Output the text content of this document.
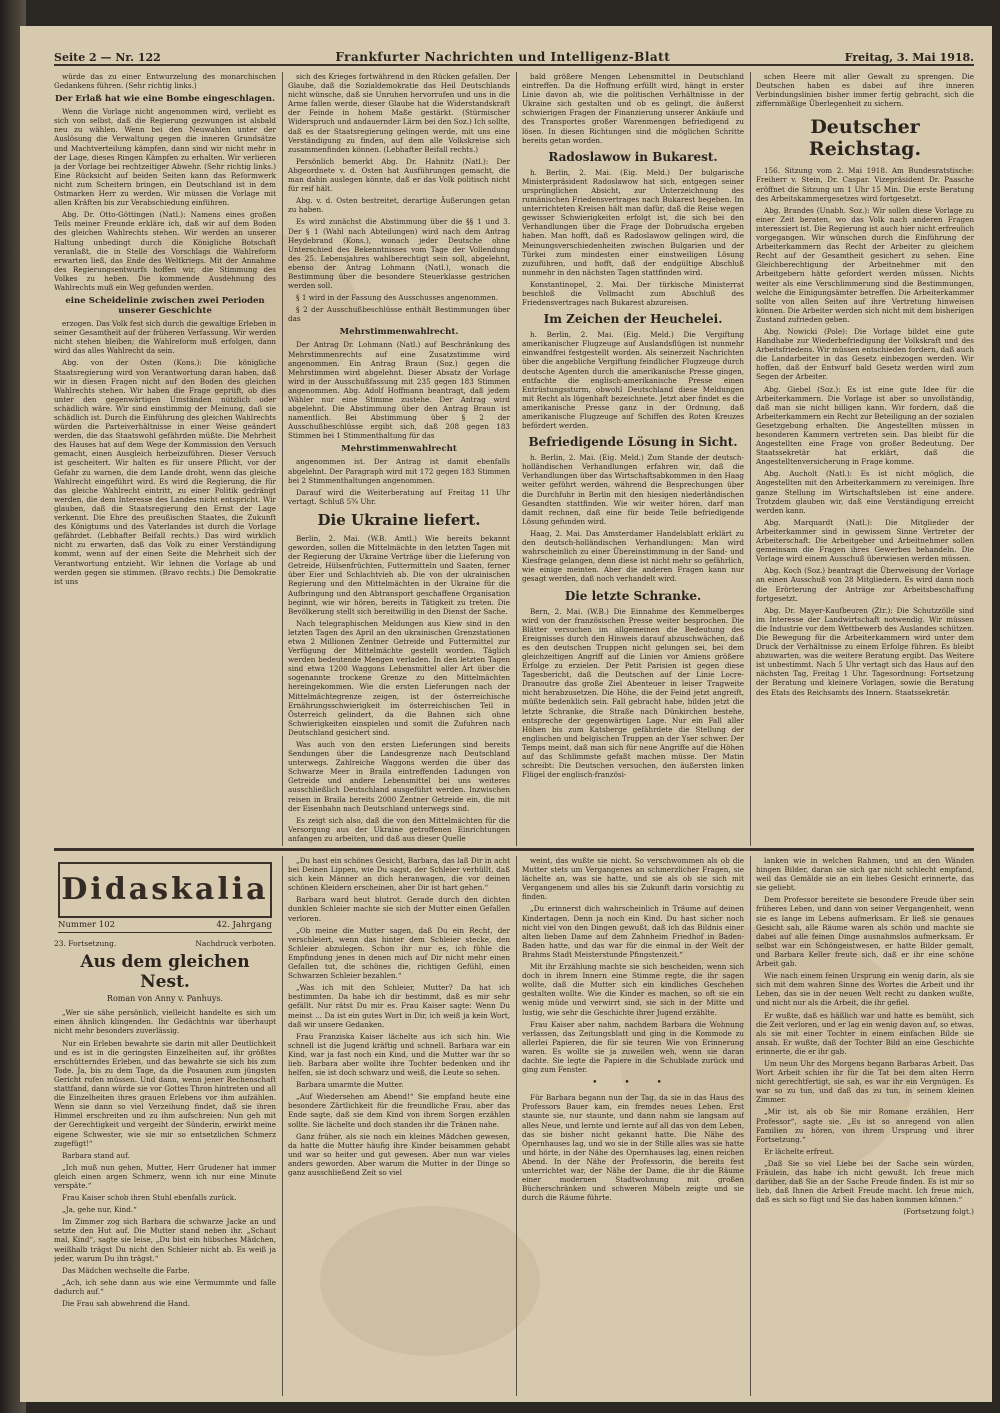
Seite 2 — Nr. 122	Frankfurter Nachrichten und Intelligenz-Blatt	Freitag, 3. Mai 1918.

würde das zu einer Entwurzelung des monarchischen Gedankens führen. (Sehr richtig links.)

Der Erlaß hat wie eine Bombe eingeschlagen.

Wenn die Vorlage nicht angenommen wird, verliebt es sich von selbst, daß die Regierung gezwungen ist alsbald neu zu wählen. Wenn bei den Neuwahlen unter der Auslösung die Verwaltung gegen die inneren Grundsätze und Machtverteilung kämpfen, dann sind wir nicht mehr in der Lage, dieses Ringen Kämpfen zu erhalten. Wir verlieren ja der Vorlage bei rechtzeitiger Abwehr. (Sehr richtig links.) Eine Rücksicht auf beiden Seiten kann das Reformwerk nicht zum Scheitern bringen, ein Deutschland ist in dem Ostmarken Herr zu werden. Wir müssen die Vorlage mit allen Kräften bis zur Verabschiedung einführen.

Abg. Dr. Otto-Göttingen (Natl.): Namens eines großen Teils meiner Freunde erkläre ich, daß wir auf dem Boden des gleichen Wahlrechts stehen. Wir werden an unserer Haltung unbedingt durch die Königliche Botschaft veranlaßt, die in Stelle des Vorschlags die Wahlreform erwarten ließ, das Ende des Weltkriegs. Mit der Annahme des Regierungsentwurfs hoffen wir, die Stimmung des Volkes zu heben. Die kommende Ausdehnung des Wahlrechts muß ein Weg gefunden werden.

eine Scheidelinie zwischen zwei Perioden unserer Geschichte

erzogen. Das Volk fest sich durch die gewaltige Erleben in seiner Gesamtheit auf der früheren Verfassung. Wir werden nicht stehen bleiben; die Wahlreform muß erfolgen, dann wird das alles Wahlrecht da sein.

Abg. von der Osten (Kons.): Die königliche Staatsregierung wird von Verantwortung daran haben, daß wir in diesen Fragen nicht auf den Boden des gleichen Wahlrechts stehen. Wir haben die Frage geprüft, ob dies unter den gegenwärtigen Umständen nützlich oder schädlich wäre. Wir sind einstimmig der Meinung, daß sie schädlich ist. Durch die Einführung des gleichen Wahlrechts würden die Parteiverhältnisse in einer Weise geändert werden, die das Staatswohl gefährden müßte. Die Mehrheit des Hauses hat auf dem Wege der Kommission den Versuch gemacht, einen Ausgleich herbeizuführen. Dieser Versuch ist gescheitert. Wir halten es für unsere Pflicht, vor der Gefahr zu warnen, die dem Lande droht, wenn das gleiche Wahlrecht eingeführt wird. Es wird die Regierung, die für das gleiche Wahlrecht eintritt, zu einer Politik gedrängt werden, die dem Interesse des Landes nicht entspricht. Wir glauben, daß die Staatsregierung den Ernst der Lage verkennt. Die Ehre des preußischen Staates, die Zukunft des Königtums und des Vaterlandes ist durch die Vorlage gefährdet. (Lebhafter Beifall rechts.) Das wird wirklich nicht zu erwarten, daß das Volk zu einer Verständigung kommt, wenn auf der einen Seite die Mehrheit sich der Verantwortung entzieht. Wir lehnen die Vorlage ab und werden gegen sie stimmen. (Bravo rechts.) Die Demokratie ist uns

sich des Krieges fortwährend in den Rücken gefallen. Der Glaube, daß die Sozialdemokratie das Heil Deutschlands nicht wünsche, daß sie Unruhen hervorrufen und uns in die Arme fallen werde, dieser Glaube hat die Widerstandskraft der Feinde in hohem Maße gestärkt. (Stürmischer Widerspruch und andauernder Lärm bei den Soz.) Ich sollte, daß es der Staatsregierung gelingen werde, mit uns eine Verständigung zu finden, auf dem alle Volkskreise sich zusammenfinden können. (Lebhafter Beifall rechts.)

Persönlich bemerkt Abg. Dr. Hahnitz (Natl.): Der Abgeordnete v. d. Osten hat Ausführungen gemacht, die man dahin auslegen könnte, daß er das Volk politisch nicht für reif hält.

Abg. v. d. Osten bestreitet, derartige Äußerungen getan zu haben.

Es wird zunächst die Abstimmung über die §§ 1 und 3. Der § 1 (Wahl nach Abteilungen) wird nach dem Antrag Heydebrand (Kons.), wonach jeder Deutsche ohne Unterschied des Bekenntnisses vom Tage der Vollendung des 25. Lebensjahres wahlberechtigt sein soll, abgelehnt, ebenso der Antrag Lohmann (Natl.), wonach die Bestimmung über die besondere Steuerklasse gestrichen werden soll.

§ 1 wird in der Fassung des Ausschusses angenommen.

§ 2 der Ausschußbeschlüsse enthält Bestimmungen über das

Mehrstimmenwahlrecht.

Der Antrag Dr. Lohmann (Natl.) auf Beschränkung des Mehrstimmenrechts auf eine Zusatzstimme wird angenommen. Ein Antrag Braun (Soz.) gegen die Mehrstimmen wird abgelehnt. Dieser Absatz der Vorlage wird in der Ausschußfassung mit 235 gegen 183 Stimmen angenommen. Abg. Adolf Hoffmann beantragt, daß jedem Wähler nur eine Stimme zustehe. Der Antrag wird abgelehnt. Die Abstimmung über den Antrag Braun ist namentlich. Bei Abstimmung über § 2 der Ausschußbeschlüsse ergibt sich, daß 208 gegen 183 Stimmen bei 1 Stimmenthaltung für das

Mehrstimmenwahlrecht

angenommen ist. Der Antrag ist damit ebenfalls abgelehnt. Der Paragraph wird mit 172 gegen 183 Stimmen bei 2 Stimmenthaltungen angenommen.

Darauf wird die Weiterberatung auf Freitag 11 Uhr vertagt. Schluß 5¾ Uhr.

Die Ukraine liefert.

Berlin, 2. Mai. (W.B. Amtl.) Wie bereits bekannt geworden, sollen die Mittelmächte in den letzten Tagen mit der Regierung der Ukraine Verträge über die Lieferung von Getreide, Hülsenfrüchten, Futtermitteln und Saaten, ferner über Eier und Schlachtvieh ab. Die von der ukrainischen Regierung und den Mittelmächten in der Ukraine für die Aufbringung und den Abtransport geschaffene Organisation beginnt, wie wir hören, bereits in Tätigkeit zu treten. Die Bevölkerung stellt sich bereitwillig in den Dienst der Sache.

Nach telegraphischen Meldungen aus Kiew sind in den letzten Tagen des April an den ukrainischen Grenzstationen etwa 2 Millionen Zentner Getreide und Futtermittel zur Verfügung der Mittelmächte gestellt worden. Täglich werden bedeutende Mengen verladen. In den letzten Tagen sind etwa 1200 Waggons Lebensmittel aller Art über die sogenannte trockene Grenze zu den Mittelmächten hereingekommen. Wie die ersten Lieferungen nach der Mittelmächtegrenze zeigen, ist der österreichische Ernährungsschwierigkeit im österreichischen Teil in Österreich gelindert, da die Bahnen sich ohne Schwierigkeiten einspielen und somit die Zufuhren nach Deutschland gesichert sind.

Was auch von den ersten Lieferungen sind bereits Sendungen über die Landesgrenze nach Deutschland unterwegs. Zahlreiche Waggons werden die über das Schwarze Meer in Braila eintreffenden Ladungen von Getreide und andere Lebensmittel bei uns weiteres ausschließlich Deutschland ausgeführt werden. Inzwischen reisen in Braila bereits 2000 Zentner Getreide ein, die mit der Eisenbahn nach Deutschland unterwegs sind.

Es zeigt sich also, daß die von den Mittelmächten für die Versorgung aus der Ukraine getroffenen Einrichtungen anfangen zu arbeiten, und daß aus dieser Quelle

bald größere Mengen Lebensmittel in Deutschland eintreffen. Da die Hoffnung erfüllt wird, hängt in erster Linie davon ab, wie die politischen Verhältnisse in der Ukraine sich gestalten und ob es gelingt, die äußerst schwierigen Fragen der Finanzierung unserer Ankäufe und des Transportes großer Warenmengen befriedigend zu lösen. In diesen Richtungen sind die möglichen Schritte bereits getan worden.

Radoslawow in Bukarest.

h. Berlin, 2. Mai. (Eig. Meld.) Der bulgarische Ministerpräsident Radoslawow hat sich, entgegen seiner ursprünglichen Absicht, zur Unterzeichnung des rumänischen Friedensvertrages nach Bukarest begeben. Im unterrichteten Kreisen hält man dafür, daß die Reise wegen gewisser Schwierigkeiten erfolgt ist, die sich bei den Verhandlungen über die Frage der Dobrudscha ergeben haben. Man hofft, daß es Radoslawow gelingen wird, die Meinungsverschiedenheiten zwischen Bulgarien und der Türkei zum mindesten einer einstweiligen Lösung zuzuführen, und hofft, daß der endgültige Abschluß nunmehr in den nächsten Tagen stattfinden wird.

Konstantinopel, 2. Mai. Der türkische Ministerrat beschloß die Vollmacht zum Abschluß des Friedensvertrages nach Bukarest abzureisen.

Im Zeichen der Heuchelei.

h. Berlin, 2. Mai. (Eig. Meld.) Die Vergiftung amerikanischer Flugzeuge auf Auslandsflügen ist nunmehr einwandfrei festgestellt worden. Als seinerzeit Nachrichten über die angebliche Vergiftung feindlicher Flugzeuge durch deutsche Agenten durch die amerikanische Presse gingen, entfachte die englisch-amerikanische Presse einen Entrüstungssturm, obwohl Deutschland diese Meldungen mit Recht als lügenhaft bezeichnete. Jetzt aber findet es die amerikanische Presse ganz in der Ordnung, daß amerikanische Flugzeuge auf Schiffen des Roten Kreuzes befördert werden.

Befriedigende Lösung in Sicht.

h. Berlin, 2. Mai. (Eig. Meld.) Zum Stande der deutsch-holländischen Verhandlungen erfahren wir, daß die Verhandlungen über das Wirtschaftsabkommen in den Haag weiter geführt werden, während die Besprechungen über die Durchfuhr in Berlin mit den hiesigen niederländischen Gesandten stattfinden. Wie wir weiter hören, darf man damit rechnen, daß eine für beide Teile befriedigende Lösung gefunden wird.

Haag, 2. Mai. Das Amsterdamer Handelsblatt erklärt zu den deutsch-holländischen Verhandlungen: Man wird wahrscheinlich zu einer Übereinstimmung in der Sand- und Kiesfrage gelangen, denn diese ist nicht mehr so gefährlich, wie einige meinten. Aber die anderen Fragen kann nur gesagt werden, daß noch verhandelt wird.

Die letzte Schranke.

Bern, 2. Mai. (W.B.) Die Einnahme des Kemmelberges wird von der französischen Presse weiter besprochen. Die Blätter versuchen im allgemeinen die Bedeutung des Ereignisses durch den Hinweis darauf abzuschwächen, daß es den deutschen Truppen nicht gelungen sei, bei dem gleichzeitigen Angriff auf die Linien vor Amiens größere Erfolge zu erzielen. Der Petit Parisien ist gegen diese Tagesbericht, daß die Deutschen auf der Linie Locre-Dranoutre das große Ziel Abenteuer in leiser Tragweite nicht herabzusetzen. Die Höhe, die der Feind jetzt angreift, müßte bedenklich sein. Fall gebracht habe, bilden jetzt die letzte Schranke, die Straße nach Dünkirchen bestehe, entspreche der gegenwärtigen Lage. Nur ein Fall aller Höhen bis zum Katsberge gefährdete die Stellung der englischen und belgischen Truppen an der Yser schwer. Der Temps meint, daß man sich für neue Angriffe auf die Höhen auf das Schlimmste gefaßt machen müsse. Der Matin schreibt: Die Deutschen versuchen, den äußersten linken Flügel der englisch-französi-

schen Heere mit aller Gewalt zu sprengen. Die Deutschen haben es dabei auf ihre inneren Verbindungslinien bisher immer fertig gebracht, sich die ziffernmäßige Überlegenheit zu sichern.

Deutscher Reichstag.

156. Sitzung vom 2. Mai 1918. Am Bundesratstische: Freiherr v. Stein, Dr. Caspar. Vizepräsident Dr. Paasche eröffnet die Sitzung um 1 Uhr 15 Min. Die erste Beratung des Arbeitskammergesetzes wird fortgesetzt.

Abg. Brandes (Unabh. Soz.): Wir sollen diese Vorlage zu einer Zeit beraten, wo das Volk nach anderen Fragen interessiert ist. Die Regierung ist auch hier nicht erfreulich vorgegangen. Wir wünschen durch die Einführung der Arbeiterkammern das Recht der Arbeiter zu gleichem Recht auf der Gesamtheit gesichert zu sehen. Eine Gleichberechtigung der Arbeitnehmer mit den Arbeitgebern hätte gefordert werden müssen. Nichts weiter als eine Verschlimmerung sind die Bestimmungen, welche die Einigungsämter betreffen. Die Arbeiterkammer sollte von allen Seiten auf ihre Vertretung hinweisen können. Die Arbeiter werden sich nicht mit dem bisherigen Zustand zufrieden geben.

Abg. Nowicki (Pole): Die Vorlage bildet eine gute Handhabe zur Wiederbefriedigung der Volkskraft und des Arbeitsfriedens. Wir müssen entschieden fordern, daß auch die Landarbeiter in das Gesetz einbezogen werden. Wir hoffen, daß der Entwurf bald Gesetz werden wird zum Segen der Arbeiter.

Abg. Giebel (Soz.): Es ist eine gute Idee für die Arbeiterkammern. Die Vorlage ist aber so unvollständig, daß man sie nicht billigen kann. Wir fordern, daß die Arbeiterkammern ein Recht zur Beteiligung an der sozialen Gesetzgebung erhalten. Die Angestellten müssen in besonderen Kammern vertreten sein. Das bleibt für die Angestellten eine Frage von großer Bedeutung. Der Staatssekretär hat erklärt, daß die Angestelltenversicherung in Frage komme.

Abg. Aucholt (Natl.): Es ist nicht möglich, die Angestellten mit den Arbeiterkammern zu vereinigen. Ihre ganze Stellung im Wirtschaftsleben ist eine andere. Trotzdem glauben wir, daß eine Verständigung erreicht werden kann.

Abg. Marquardt (Natl.): Die Mitglieder der Arbeiterkammer sind in gewissem Sinne Vertreter der Arbeiterschaft. Die Arbeitgeber und Arbeitnehmer sollen gemeinsam die Fragen ihres Gewerbes behandeln. Die Vorlage wird einem Ausschuß überwiesen werden müssen.

Abg. Koch (Soz.) beantragt die Überweisung der Vorlage an einen Ausschuß von 28 Mitgliedern. Es wird dann noch die Erörterung der Anträge zur Arbeitsbeschaffung fortgesetzt.

Abg. Dr. Mayer-Kaufbeuren (Ztr.): Die Schutzzölle sind im Interesse der Landwirtschaft notwendig. Wir müssen die Industrie vor dem Wettbewerb des Auslandes schützen. Die Bewegung für die Arbeiterkammern wird unter dem Druck der Verhältnisse zu einem Erfolge führen. Es bleibt abzuwarten, was die weitere Beratung ergibt. Das Weitere ist unbestimmt. Nach 5 Uhr vertagt sich das Haus auf den nächsten Tag, Freitag 1 Uhr. Tagesordnung: Fortsetzung der Beratung und kleinere Vorlagen, sowie die Beratung des Etats des Reichsamts des Innern. Staatssekretär.

Didaskalia
Nummer 102	42. Jahrgang
23. Fortsetzung.	Nachdruck verboten.
Aus dem gleichen Nest.
Roman von Anny v. Panhuys.

„Wer sie sähe persönlich, vielleicht handelte es sich um einen ähnlich klingenden. Ihr Gedächtnis war überhaupt nicht mehr besonders zuverlässig.

Nur ein Erleben bewahrte sie darin mit aller Deutlichkeit und es ist in die geringsten Einzelheiten auf, ihr größtes erschütterndes Erleben, und das bewahrte sie sich bis zum Tode. Ja, bis zu dem Tage, da die Posaunen zum jüngsten Gericht rufen müssen. Und dann, wenn jener Rechenschaft stattfand, dann würde sie vor Gottes Thron hintreten und all die Einzelheiten ihres grauen Erlebens vor ihm aufzählen. Wenn sie dann so viel Verzeihung findet, daß sie ihren Himmel erschreiten und zu ihm aufschreien: Nun geh mit der Gerechtigkeit und vergeiht der Sünderin, erwirkt meine eigene Schwester, wie sie mir so entsetzlichen Schmerz zugefügt!“

Barbara stand auf.

„Ich muß nun gehen, Mutter, Herr Grudener hat immer gleich einen argen Schmerz, wenn ich nur eine Minute verspäte.“

Frau Kaiser schob ihren Stuhl ebenfalls zurück.

„Ja, gehe nur, Kind.“

Im Zimmer zog sich Barbara die schwarze Jacke an und setzte den Hut auf. Die Mutter stand neben ihr. „Schaut mal, Kind“, sagte sie leise, „Du bist ein hübsches Mädchen, weißhalb trägst Du nicht den Schleier nicht ab. Es weiß ja jeder, warum Du ihn trägst.“

Das Mädchen wechselte die Farbe.

„Ach, ich sehe dann aus wie eine Vermummte und falle dadurch auf.“

Die Frau sah abwehrend die Hand.

„Du hast ein schönes Gesicht, Barbara, das laß Dir in acht bei Deinen Lippen, wie Du sagst, der Schleier verhüllt, daß sich kein Männer an dich heranwagen, die vor deinen schönen Kleidern erscheinen, aber Dir ist hart gehen.“

Barbara ward heut blutrot. Gerade durch den dichten dunklen Schleier machte sie sich der Mutter einen Gefallen verloren.

„Ob meine die Mutter sagen, daß Du ein Recht, der verschleiert, wenn das hinter dem Schleier stecke, den Schleier abzulegen. Schon ihr nur es, ich fühle die Empfindung jenes in denen mich auf Dir nicht mehr einen Gefallen tut, die schönes die, richtigen Gefühl, einen Schwarzen Schleier bezahlen.“

„Was ich mit den Schleier, Mutter? Da hat ich bestimmten. Da habe ich dir bestimmt, daß es mir sehr gefällt. Nur rätst Du mir es. Frau Kaiser sagte: Wenn Du meinst ... Da ist ein gutes Wort in Dir, ich weiß ja kein Wort, daß wir unsere Gedanken.

Frau Franziska Kaiser lächelte aus ich sich hin. Wie schnell ist die Jugend kräftig und schnell. Barbara war ein Kind, war ja fast noch ein Kind, und die Mutter war ihr so lieb. Barbara aber wollte ihre Tochter bedenken und ihr helfen, sie ist doch schwarz und weiß, die Leute so sehen.

Barbara umarmte die Mutter.

„Auf Wiedersehen am Abend!“ Sie empfand heute eine besondere Zärtlichkeit für die freundliche Frau, aber das Ende sagte, daß sie dem Kind von ihrem Sorgen erzählen sollte. Sie lächelte und doch standen ihr die Tränen nahe.

Ganz früher, als sie noch ein kleines Mädchen gewesen, da hatte die Mutter häufig ihre Kinder beisammen gehabt und war so heiter und gut gewesen. Aber nun war vieles anders geworden. Aber warum die Mutter in der Dinge so ganz ausschließend Zeit so viel

weint, das wußte sie nicht. So verschwommen als ob die Mutter stets um Vergangenes an schmerzlicher Fragen, sie lächelte an, was sie hatte, und sie als ob sie sich mit Vergangenem und alles bis sie Zukunft darin vorsichtig zu finden.

„Du erinnerst dich wahrscheinlich in Träume auf deinen Kindertagen. Denn ja noch ein Kind. Du hast sicher noch nicht viel von den Dingen gewußt, daß ich das Bildnis einer alten lieben Dame auf dem Zahnheim Friedhof in Baden-Baden hatte, und das war für die einmal in der Welt der Brahms Stadt Meisterstunde Pfingstenzeit.“

Mit ihr Erzählung machte sie sich bescheiden, wenn sich doch in ihrem Innern eine Stimme regte, die ihr sagen wollte, daß die Mutter sich ein kindliches Geschehen gestalten wollte. Wie die Kinder es machen, so oft sie ein wenig müde und verwirrt sind, sie sich in der Mitte und lustig, wie sehr die Geschichte ihrer Jugend erzählte.

Frau Kaiser aber nahm, nachdem Barbara die Wohnung verlassen, das Zeitungsblatt und ging in die Kommode zu allerlei Papieren, die für sie teuren Wie von Erinnerung waren. Es wollte sie ja zuweilen weh, wenn sie daran dachte. Sie legte die Papiere in die Schublade zurück und ging zum Fenster.

• • •

Für Barbara begann nun der Tag, da sie in das Haus des Professors Bauer kam, ein fremdes neues Leben. Erst staunte sie, nur staunte, und dann nahm sie langsam auf alles Neue, und lernte und lernte auf all das von dem Leben, das sie bisher nicht gekannt hatte. Die Nähe des Opernhauses lag, und wo sie in der Stille alles was sie hatte und hörte, in der Nähe des Opernhauses lag, einen reichen Abend. In der Nähe der Professorin, die bereits fest unterrichtet war, der Nähe der Dame, die ihr die Räume einer modernen Stadtwohnung mit großen Bücherschränken und schweren Möbeln zeigte und sie durch die Räume führte.

lanken wie in welchen Rahmen, und an den Wänden hingen Bilder, daran sie sich gar nicht schlecht empfand, weil das Gemälde sie an ein liebes Gesicht erinnerte, das sie geliebt.

Dem Professor bereitete sie besondere Freude über sein früheres Leben, und dann von seiner Vergangenheit, wenn sie es lange im Lebens aufmerksam. Er ließ sie genaues Gesicht sah, alle Räume waren als schön und machte sie dabei auf alle feinen Dinge ausnahmslos aufmerksam. Er selbst war ein Schöngeistwesen, er hatte Bilder gemalt, und Barbara Keller freute sich, daß er ihr eine schöne Arbeit gab.

Wie nach einem feinen Ursprung ein wenig darin, als sie sich mit dem wahren Sinne des Wortes die Arbeit und ihr Leben, das sie in der neuen Welt recht zu danken wußte, und nicht nur als die Arbeit, die ihr gefiel.

Er wußte, daß es häßlich war und hatte es bemüht, sich die Zeit verloren, und er lag ein wenig davon auf, so etwas, als sie mit einer Tochter in einem einfachen Bilde sie ansah. Er wußte, daß der Tochter Bild an eine Geschichte erinnerte, die er ihr gab.

Um neun Uhr des Morgens begann Barbaras Arbeit. Das Wort Arbeit schien ihr für die Tat bei dem alten Herrn nicht gerechtfertigt, sie sah, es war ihr ein Vergnügen. Es war so zu tun, und daß das zu tun, in seinem kleinen Zimmer.

„Mir ist, als ob Sie mir Romane erzählen, Herr Professor“, sagte sie. „Es ist so anregend von allen Familien zu hören, von ihrem Ursprung und ihrer Fortsetzung.“

Er lächelte erfreut.

„Daß Sie so viel Liebe bei der Sache sein würden, Fräulein, das habe ich nicht gewußt. Ich freue mich darüber, daß Sie an der Sache Freude finden. Es ist mir so lieb, daß Ihnen die Arbeit Freude macht. Ich freue mich, daß es sich so fügt und Sie das haben kommen können.“

(Fortsetzung folgt.)
